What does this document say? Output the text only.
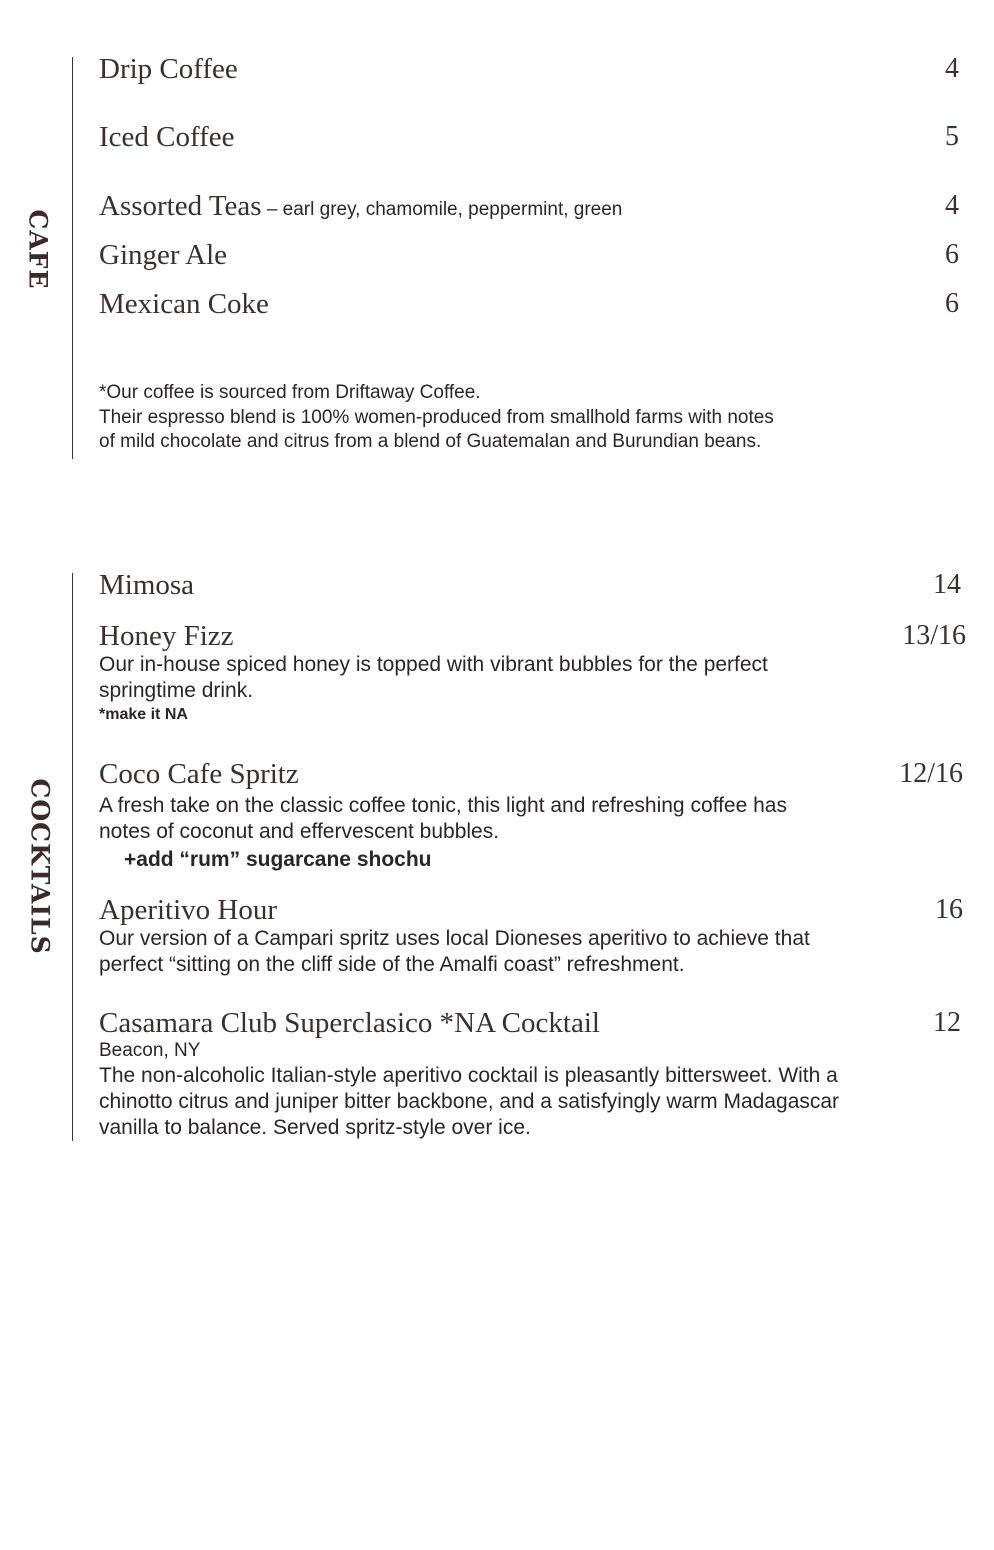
CAFE
Drip Coffee	4
Iced Coffee	5
Assorted Teas – earl grey, chamomile, peppermint, green	4
Ginger Ale	6
Mexican Coke	6
*Our coffee is sourced from Driftaway Coffee.
Their espresso blend is 100% women-produced from smallhold farms with notes
of mild chocolate and citrus from a blend of Guatemalan and Burundian beans.
COCKTAILS
Mimosa	14
Honey Fizz	13/16
Our in-house spiced honey is topped with vibrant bubbles for the perfect
springtime drink.
*make it NA
Coco Cafe Spritz	12/16
A fresh take on the classic coffee tonic, this light and refreshing coffee has
notes of coconut and effervescent bubbles.
+add “rum” sugarcane shochu
Aperitivo Hour	16
Our version of a Campari spritz uses local Dioneses aperitivo to achieve that
perfect “sitting on the cliff side of the Amalfi coast” refreshment.
Casamara Club Superclasico *NA Cocktail	12
Beacon, NY
The non-alcoholic Italian-style aperitivo cocktail is pleasantly bittersweet. With a
chinotto citrus and juniper bitter backbone, and a satisfyingly warm Madagascar
vanilla to balance. Served spritz-style over ice.
